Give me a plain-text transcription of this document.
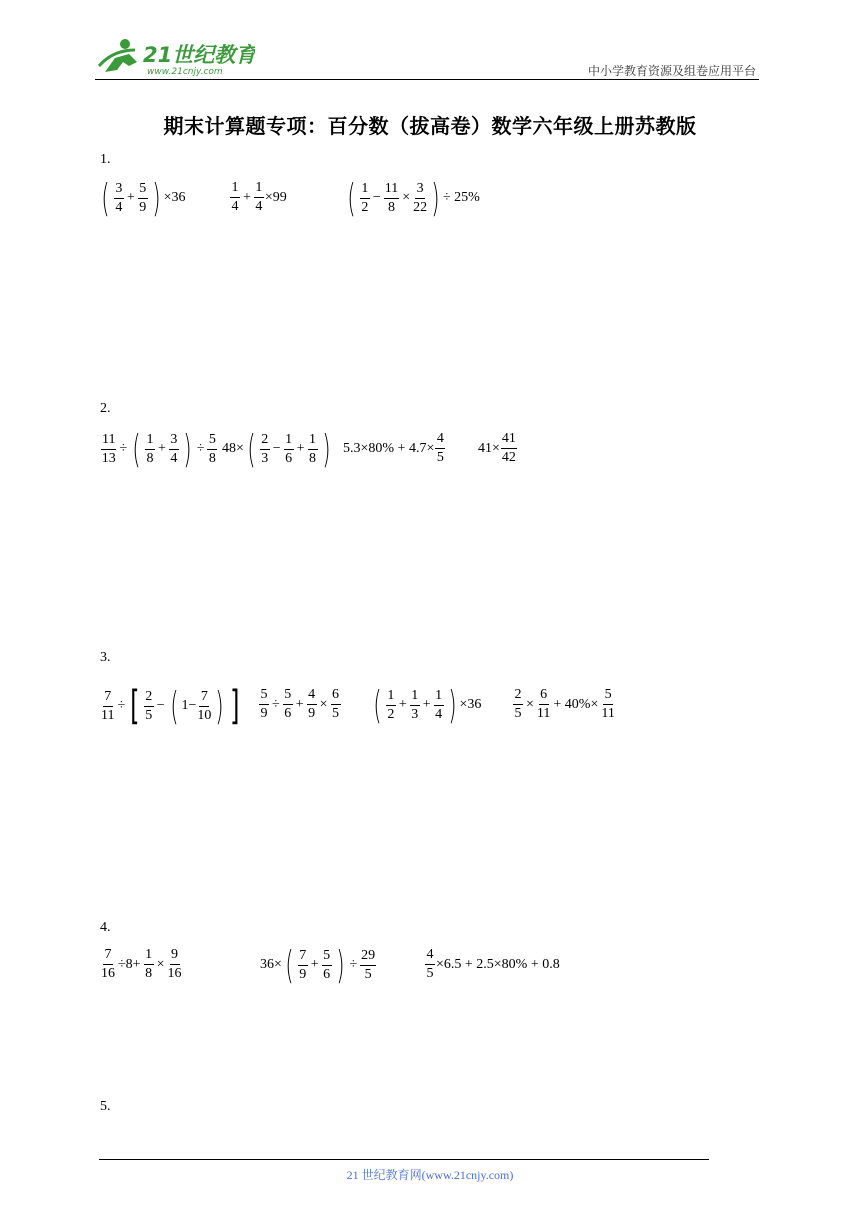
21世纪教育
www.21cnjy.com	中小学教育资源及组卷应用平台
期末计算题专项：百分数（拔高卷）数学六年级上册苏教版
1.
( $\frac{3}{4} + \frac{5}{9}$ ) ×36	$\frac{1}{4} + \frac{1}{4} \times 99$ ( $\frac{1}{2} - \frac{11}{8} \times \frac{3}{22}$ ) ÷ 25%
2.
$\frac{11}{13}$ ÷ ( $\frac{1}{8} + \frac{3}{4}$ ) ÷ $\frac{5}{8} 48\times$ ( $\frac{2}{3} - \frac{1}{6} + \frac{1}{8}$ ) $5.3\times 80\% + 4.7\times \frac{4}{5} 41\times \frac{41}{42}$
3.
$\frac{7}{11}$ ÷ [ $\frac{2}{5}$ − ( $1- \frac{7}{10}$ ) ] $\frac{5}{9} \div \frac{5}{6} + \frac{4}{9} \times \frac{6}{5}$ ( $\frac{1}{2} + \frac{1}{3} + \frac{1}{4}$ ) $\times 36 \frac{2}{5} \times \frac{6}{11} + 40\%\times \frac{5}{11}$
4.
$\frac{7}{16} \div 8+ \frac{1}{8} \times \frac{9}{16}$	36× ( $\frac{7}{9} + \frac{5}{6}$ ) ÷ $\frac{29}{5}$	$\frac{4}{5} \times 6.5 + 2.5\times 80\% + 0.8$
5.
21 世纪教育网(www.21cnjy.com)
